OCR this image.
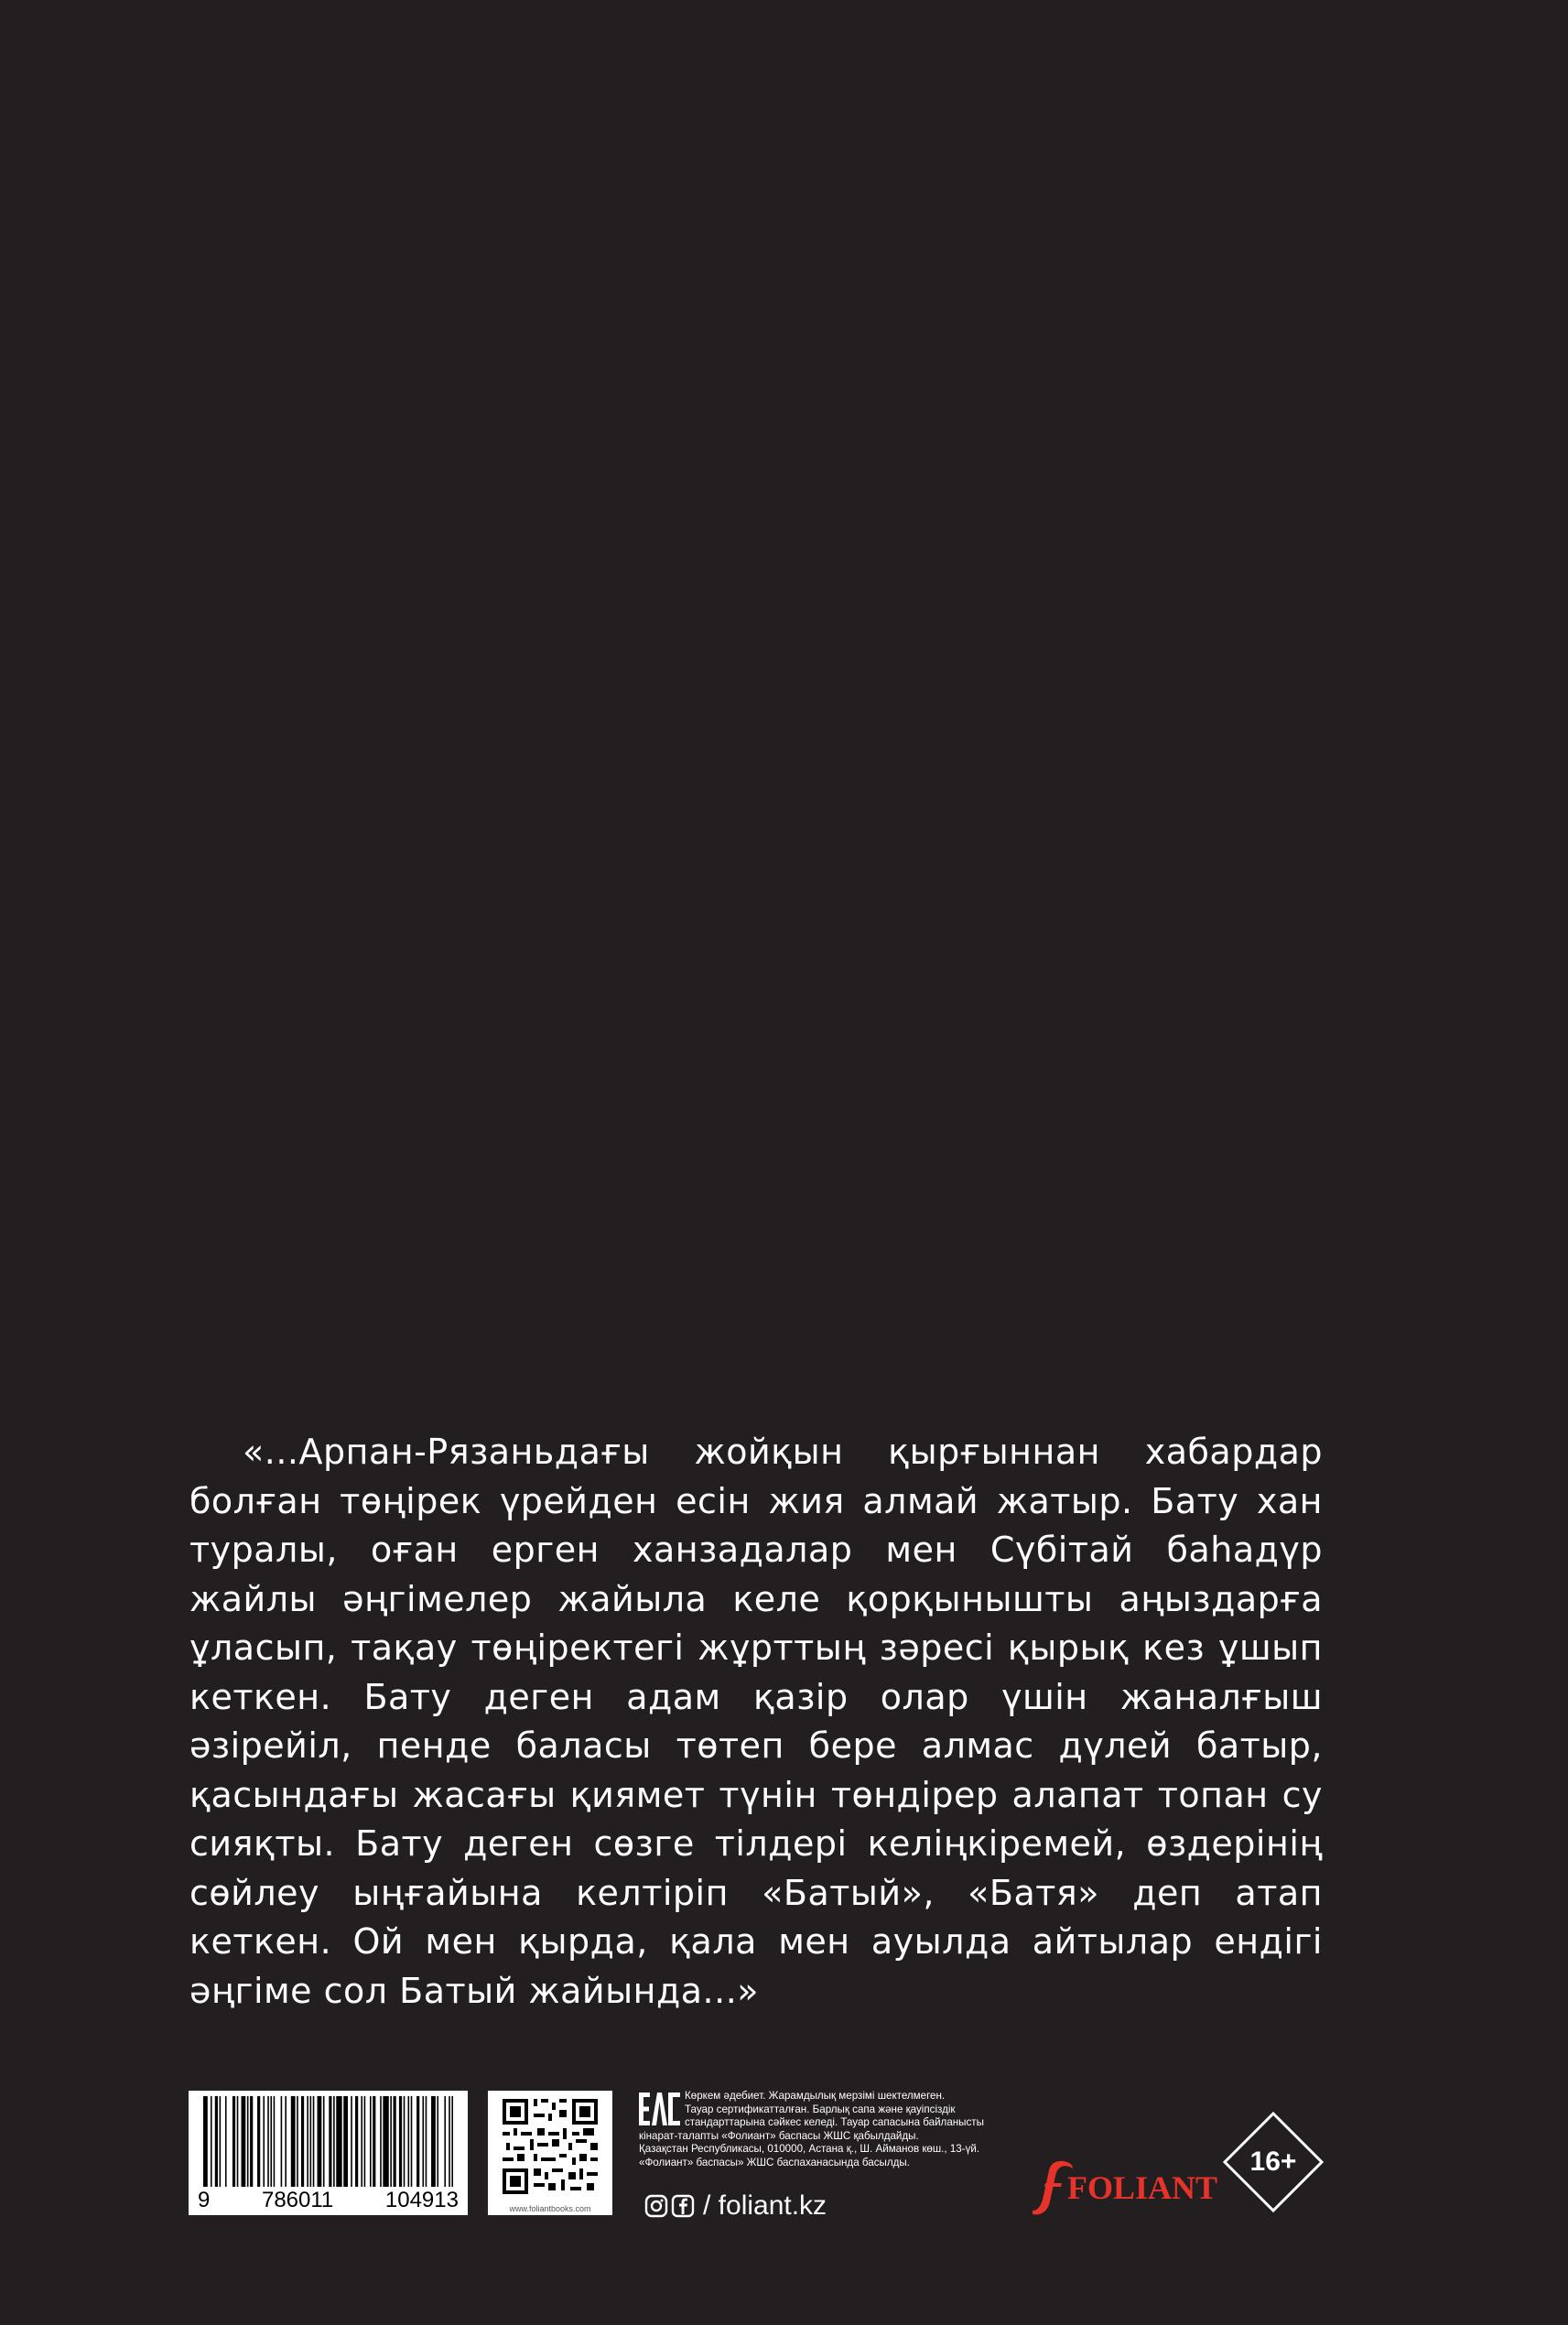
«...Арпан-Рязаньдағы жойқын қырғыннан хабардар болған төңірек үрейден есін жия алмай жатыр. Бату хан туралы, оған ерген ханзадалар мен Сүбітай баһадүр жайлы әңгімелер жайыла келе қорқынышты аңыздарға ұласып, тақау төңіректегі жұрттың зәресі қырық кез ұшып кеткен. Бату деген адам қазір олар үшін жаналғыш әзірейіл, пенде баласы төтеп бере алмас дүлей батыр, қасындағы жасағы қиямет түнін төндірер алапат топан су сияқты. Бату деген сөзге тілдері келіңкіремей, өздерінің сөйлеу ыңғайына келтіріп «Батый», «Батя» деп атап кеткен. Ой мен қырда, қала мен ауылда айтылар ендігі әңгіме сол Батый жайында...»

9 786011 104913	www.foliantbooks.com
Көркем әдебиет. Жарамдылық мерзімі шектелмеген.
Тауар сертификатталған. Барлық сапа және қауіпсіздік
стандарттарына сәйкес келеді. Тауар сапасына байланысты
кінарат-талапты «Фолиант» баспасы ЖШС қабылдайды.
Қазақстан Республикасы, 010000, Астана қ., Ш. Айманов көш., 13-үй.
«Фолиант» баспасы» ЖШС баспаханасында басылды.
/ foliant.kz	FOLIANT
16+
